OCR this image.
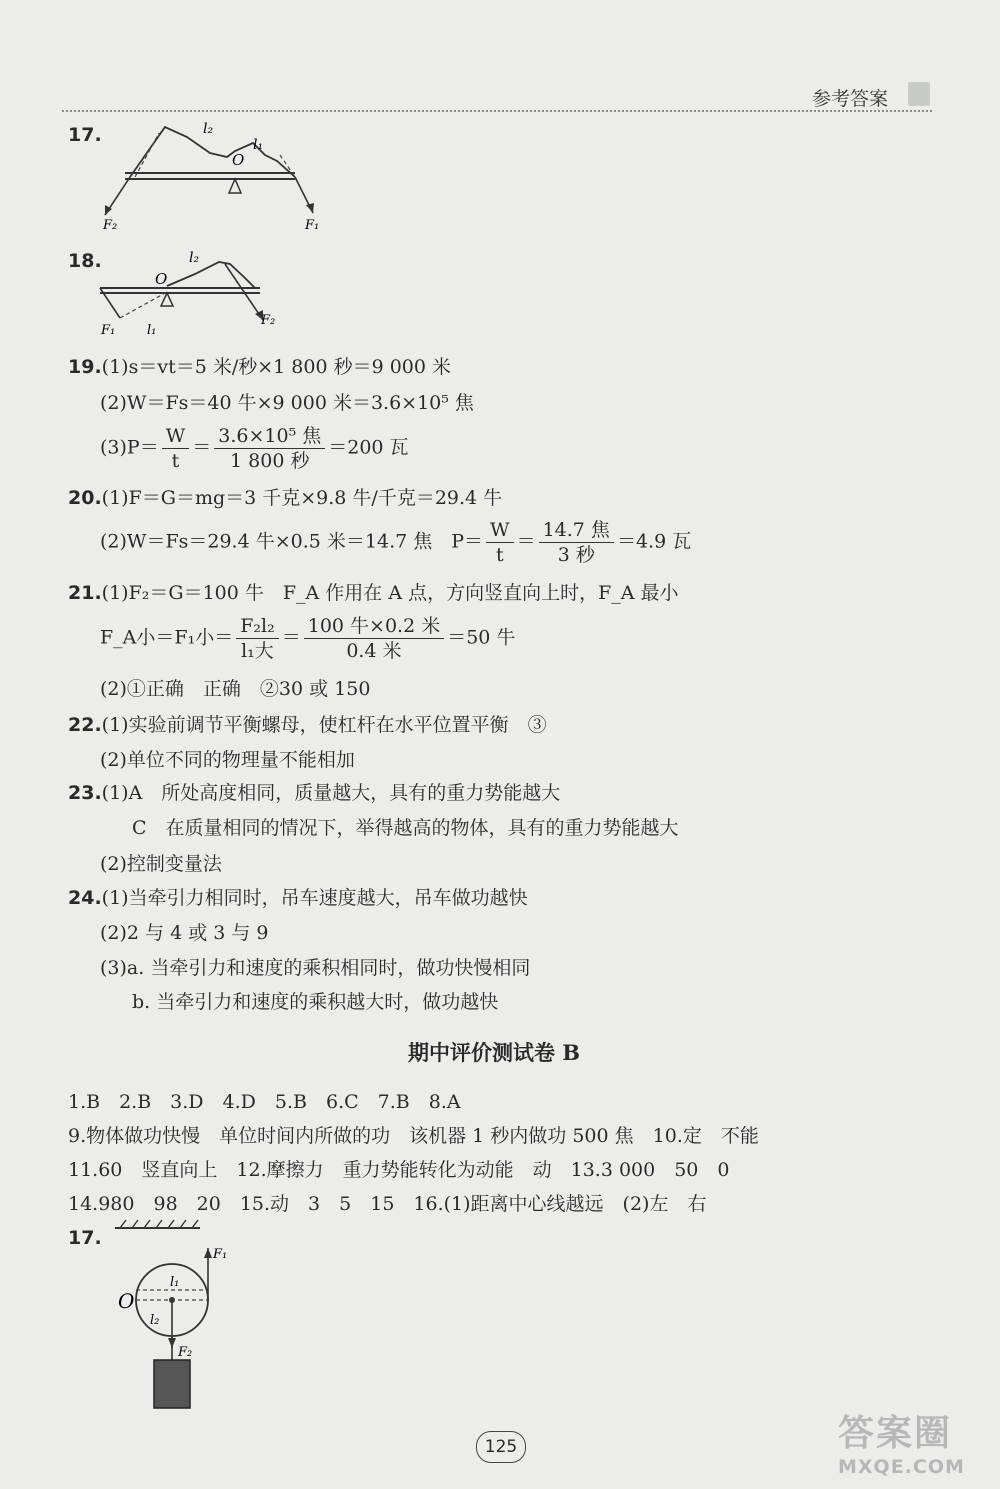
参考答案
17.	l₂
l₁
O
F₂	F₁
18.	l₂
O
F₁ l₁
F₂
19.(1)s＝vt＝5 米/秒×1 800 秒＝9 000 米
(2)W＝Fs＝40 牛×9 000 米＝3.6×10⁵ 焦
$(3)P= \frac{W}{t} = \frac{\text{3.6×10⁵ 焦}}{\text{1 800 秒}} =200$ 瓦
20.(1)F＝G＝mg＝3 千克×9.8 牛/千克＝29.4 牛
(2)W＝Fs＝29.4 牛×0.5 米＝14.7 焦　$P= \frac{W}{t} = \frac{\text{14.7 焦}}{\text{3 秒}} =4.9$ 瓦
21.(1)F₂＝G＝100 牛　F_A 作用在 A 点，方向竖直向上时，F_A 最小
F_A小＝F₁小＝ $\frac{\text{F₂l₂}}{\text{l₁大}} = \frac{\text{100 牛×0.2 米}}{\text{0.4 米}} =50$ 牛
(2)①正确　正确　②30 或 150
22.(1)实验前调节平衡螺母，使杠杆在水平位置平衡　③
(2)单位不同的物理量不能相加
23.(1)A　所处高度相同，质量越大，具有的重力势能越大
C　在质量相同的情况下，举得越高的物体，具有的重力势能越大
(2)控制变量法
24.(1)当牵引力相同时，吊车速度越大，吊车做功越快
(2)2 与 4 或 3 与 9
(3)a. 当牵引力和速度的乘积相同时，做功快慢相同
b. 当牵引力和速度的乘积越大时，做功越快
期中评价测试卷 B
1.B　2.B　3.D　4.D　5.B　6.C　7.B　8.A
9.物体做功快慢　单位时间内所做的功　该机器 1 秒内做功 500 焦　10.定　不能
11.60　竖直向上　12.摩擦力　重力势能转化为动能　动　13.3 000　50　0
14.980　98　20　15.动　3　5　15　16.(1)距离中心线越远　(2)左　右
17.
F₁
O
l₁
l₂
F₂
125	答案圈
MXQE.COM
